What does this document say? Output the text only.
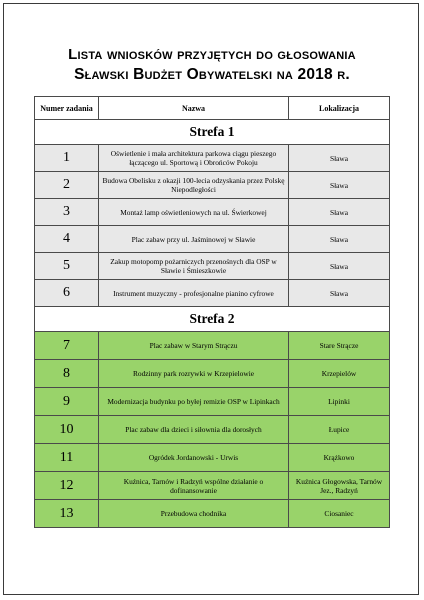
Lista wniosków przyjętych do głosowania
Sławski Budżet Obywatelski na 2018 r.
Numer zadania	Nazwa	Lokalizacja
Strefa 1		
1	Oświetlenie i mała architektura parkowa ciągu pieszego łączącego ul. Sportową i Obrońców Pokoju	Sława
2	Budowa Obelisku z okazji 100-lecia odzyskania przez Polskę Niepodległości	Sława
3	Montaż lamp oświetleniowych na ul. Świerkowej	Sława
4	Plac zabaw przy ul. Jaśminowej w Sławie	Sława
5	Zakup motopomp pożarniczych przenośnych dla OSP w Sławie i Śmieszkowie	Sława
6	Instrument muzyczny - profesjonalne pianino cyfrowe	Sława
Strefa 2		
7	Plac zabaw w Starym Strączu	Stare Strącze
8	Rodzinny park rozrywki w Krzepielowie	Krzepielów
9	Modernizacja budynku po byłej remizie OSP w Lipinkach	Lipinki
10	Plac zabaw dla dzieci i siłownia dla dorosłych	Łupice
11	Ogródek Jordanowski - Urwis	Krążkowo
12	Kuźnica, Tarnów i Radzyń wspólne działanie o dofinansowanie	Kuźnica Głogowska, Tarnów Jez., Radzyń
13	Przebudowa chodnika	Ciosaniec
